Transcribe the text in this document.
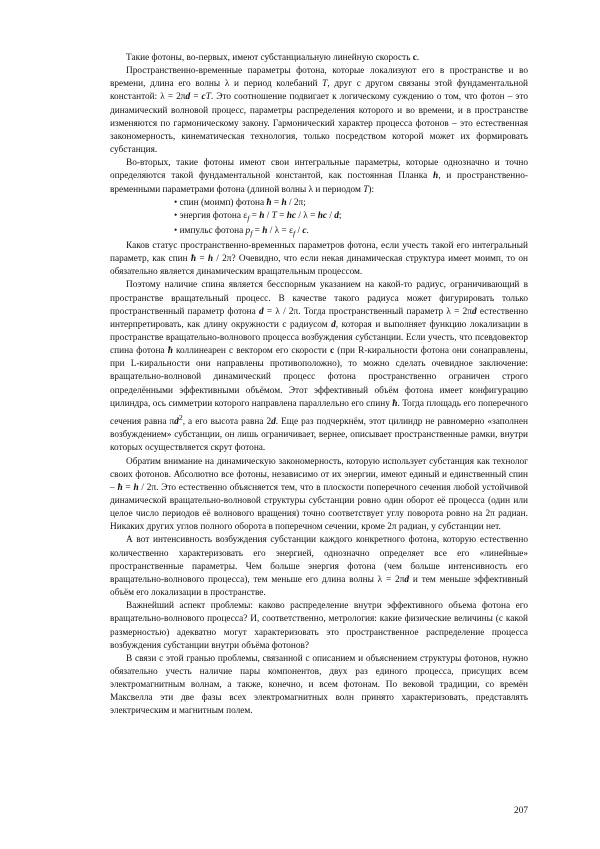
Такие фотоны, во-первых, имеют субстанциальную линейную скорость c.

Пространственно-временные параметры фотона, которые локализуют его в пространстве и во времени, длина его волны λ и период колебаний T, друг с другом связаны этой фундаментальной константой: λ = 2πd = cT. Это соотношение подвигает к логическому суждению о том, что фотон – это динамический волновой процесс, параметры распределения которого и во времени, и в пространстве изменяются по гармоническому закону. Гармонический характер процесса фотонов – это естественная закономерность, кинематическая технология, только посредством которой может их формировать субстанция.

Во-вторых, такие фотоны имеют свои интегральные параметры, которые однозначно и точно определяются такой фундаментальной константой, как постоянная Планка h, и пространственно-временными параметрами фотона (длиной волны λ и периодом T):

• спин (моимп) фотона ћ = h / 2π;

• энергия фотона $\varepsilon_f = h / T$ = hc / λ = hc / d;

• импульс фотона $p_f = h / \lambda = \varepsilon_f / c$.

Каков статус пространственно-временных параметров фотона, если учесть такой его интегральный параметр, как спин ћ = h / 2π? Очевидно, что если некая динамическая структура имеет моимп, то он обязательно является динамическим вращательным процессом.

Поэтому наличие спина является бесспорным указанием на какой-то радиус, ограничивающий в пространстве вращательный процесс. В качестве такого радиуса может фигурировать только пространственный параметр фотона d = λ / 2π. Тогда пространственный параметр λ = 2πd естественно интерпретировать, как длину окружности с радиусом d, которая и выполняет функцию локализации в пространстве вращательно-волнового процесса возбуждения субстанции. Если учесть, что псевдовектор спина фотона ћ коллинеарен с вектором его скорости c (при R-киральности фотона они сонаправлены, при L-киральности они направлены противоположно), то можно сделать очевидное заключение: вращательно-волновой динамический процесс фотона пространственно ограничен строго определёнными эффективными объёмом. Этот эффективный объём фотона имеет конфигурацию цилиндра, ось симметрии которого направлена параллельно его спину ћ. Тогда площадь его поперечного сечения равна $\pi d^2$, а его высота равна 2d. Еще раз подчеркнём, этот цилиндр не равномерно «заполнен возбуждением» субстанции, он лишь ограничивает, вернее, описывает пространственные рамки, внутри которых осуществляется скрут фотона.

Обратим внимание на динамическую закономерность, которую использует субстанция как технолог своих фотонов. Абсолютно все фотоны, независимо от их энергии, имеют единый и единственный спин – ћ = h / 2π. Это естественно объясняется тем, что в плоскости поперечного сечения любой устойчивой динамической вращательно-волновой структуры субстанции ровно один оборот её процесса (один или целое число периодов её волнового вращения) точно соответствует углу поворота ровно на 2π радиан. Никаких других углов полного оборота в поперечном сечении, кроме 2π радиан, у субстанции нет.

А вот интенсивность возбуждения субстанции каждого конкретного фотона, которую естественно количественно характеризовать его энергией, однозначно определяет все его «линейные» пространственные параметры. Чем больше энергия фотона (чем больше интенсивность его вращательно-волнового процесса), тем меньше его длина волны λ = 2πd и тем меньше эффективный объём его локализации в пространстве.

Важнейший аспект проблемы: каково распределение внутри эффективного объема фотона его вращательно-волнового процесса? И, соответственно, метрология: какие физические величины (с какой размерностью) адекватно могут характеризовать это пространственное распределение процесса возбуждения субстанции внутри объёма фотонов?

В связи с этой гранью проблемы, связанной с описанием и объяснением структуры фотонов, нужно обязательно учесть наличие пары компонентов, двух раз единого процесса, присущих всем электромагнитным волнам, а также, конечно, и всем фотонам. По вековой традиции, со времён Максвелла эти две фазы всех электромагнитных волн принято характеризовать, представлять электрическим и магнитным полем.

207
